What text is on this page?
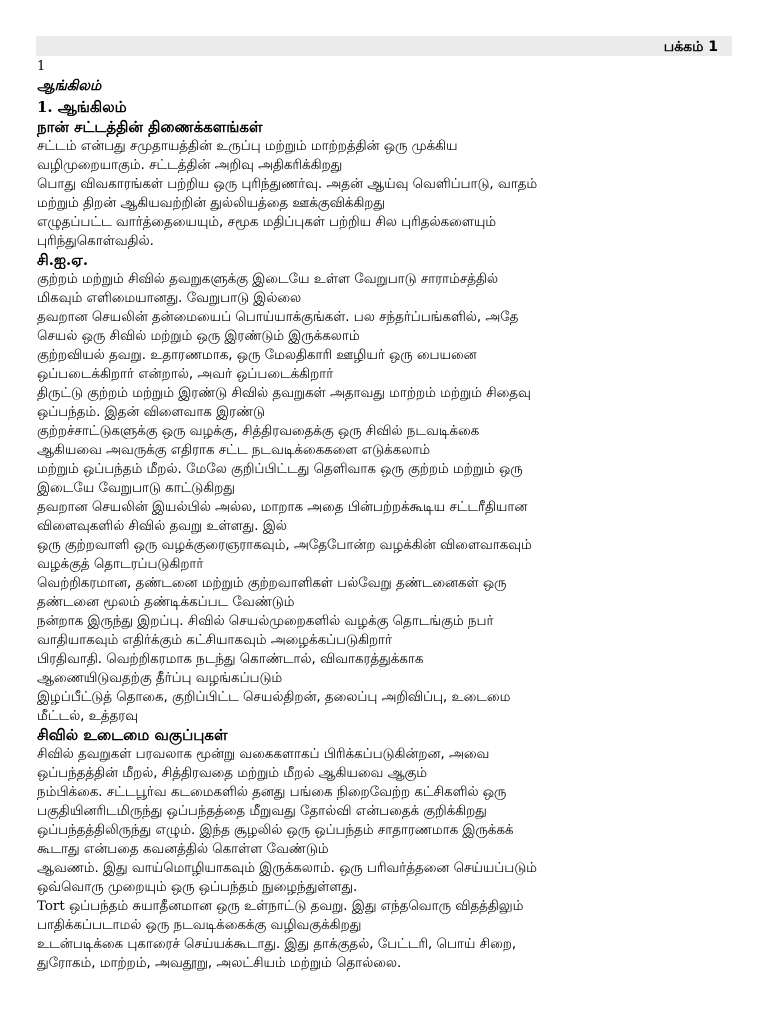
பக்கம் 1
1
ஆங்கிலம்
1. ஆங்கிலம்
நான் சட்டத்தின் திணைக்களங்கள்
சட்டம் என்பது சமுதாயத்தின் உருப்பு மற்றும் மாற்றத்தின் ஒரு முக்கிய
வழிமுறையாகும். சட்டத்தின் அறிவு அதிகரிக்கிறது
பொது விவகாரங்கள் பற்றிய ஒரு புரிந்துணர்வு. அதன் ஆய்வு வெளிப்பாடு, வாதம்
மற்றும் திறன் ஆகியவற்றின் துல்லியத்தை ஊக்குவிக்கிறது
எழுதப்பட்ட வார்த்தையையும், சமூக மதிப்புகள் பற்றிய சில புரிதல்களையும்
புரிந்துகொள்வதில்.
சி.ஐ.ஏ.
குற்றம் மற்றும் சிவில் தவறுகளுக்கு இடையே உள்ள வேறுபாடு சாராம்சத்தில்
மிகவும் எளிமையானது. வேறுபாடு இல்லை
தவறான செயலின் தன்மையைப் பொய்யாக்குங்கள். பல சந்தர்ப்பங்களில், அதே
செயல் ஒரு சிவில் மற்றும் ஒரு இரண்டும் இருக்கலாம்
குற்றவியல் தவறு. உதாரணமாக, ஒரு மேலதிகாரி ஊழியர் ஒரு பையனை
ஒப்படைக்கிறார் என்றால், அவர் ஒப்படைக்கிறார்
திருட்டு குற்றம் மற்றும் இரண்டு சிவில் தவறுகள் அதாவது மாற்றம் மற்றும் சிதைவு
ஒப்பந்தம். இதன் விளைவாக இரண்டு
குற்றச்சாட்டுகளுக்கு ஒரு வழக்கு, சித்திரவதைக்கு ஒரு சிவில் நடவடிக்கை
ஆகியவை அவருக்கு எதிராக சட்ட நடவடிக்கைகளை எடுக்கலாம்
மற்றும் ஒப்பந்தம் மீறல். மேலே குறிப்பிட்டது தெளிவாக ஒரு குற்றம் மற்றும் ஒரு
இடையே வேறுபாடு காட்டுகிறது
தவறான செயலின் இயல்பில் அல்ல, மாறாக அதை பின்பற்றக்கூடிய சட்டரீதியான
விளைவுகளில் சிவில் தவறு உள்ளது. இல்
ஒரு குற்றவாளி ஒரு வழக்குரைஞராகவும், அதேபோன்ற வழக்கின் விளைவாகவும்
வழக்குத் தொடரப்படுகிறார்
வெற்றிகரமான, தண்டனை மற்றும் குற்றவாளிகள் பல்வேறு தண்டனைகள் ஒரு
தண்டனை மூலம் தண்டிக்கப்பட வேண்டும்
நன்றாக இருந்து இறப்பு. சிவில் செயல்முறைகளில் வழக்கு தொடங்கும் நபர்
வாதியாகவும் எதிர்க்கும் கட்சியாகவும் அழைக்கப்படுகிறார்
பிரதிவாதி. வெற்றிகரமாக நடந்து கொண்டால், விவாகரத்துக்காக
ஆணையிடுவதற்கு தீர்ப்பு வழங்கப்படும்
இழப்பீட்டுத் தொகை, குறிப்பிட்ட செயல்திறன், தலைப்பு அறிவிப்பு, உடைமை
மீட்டல், உத்தரவு
சிவில் உடைமை வகுப்புகள்
சிவில் தவறுகள் பரவலாக மூன்று வகைகளாகப் பிரிக்கப்படுகின்றன, அவை
ஒப்பந்தத்தின் மீறல், சித்திரவதை மற்றும் மீறல் ஆகியவை ஆகும்
நம்பிக்கை. சட்டபூர்வ கடமைகளில் தனது பங்கை நிறைவேற்ற கட்சிகளில் ஒரு
பகுதியினரிடமிருந்து ஒப்பந்தத்தை மீறுவது தோல்வி என்பதைக் குறிக்கிறது
ஒப்பந்தத்திலிருந்து எழும். இந்த சூழலில் ஒரு ஒப்பந்தம் சாதாரணமாக இருக்கக்
கூடாது என்பதை கவனத்தில் கொள்ள வேண்டும்
ஆவணம். இது வாய்மொழியாகவும் இருக்கலாம். ஒரு பரிவர்த்தனை செய்யப்படும்
ஒவ்வொரு முறையும் ஒரு ஒப்பந்தம் நுழைந்துள்ளது.
Tort ஒப்பந்தம் சுயாதீனமான ஒரு உள்நாட்டு தவறு. இது எந்தவொரு விதத்திலும்
பாதிக்கப்படாமல் ஒரு நடவடிக்கைக்கு வழிவகுக்கிறது
உடன்படிக்கை புகாரைச் செய்யக்கூடாது. இது தாக்குதல், பேட்டரி, பொய் சிறை,
துரோகம், மாற்றம், அவதூறு, அலட்சியம் மற்றும் தொல்லை.
